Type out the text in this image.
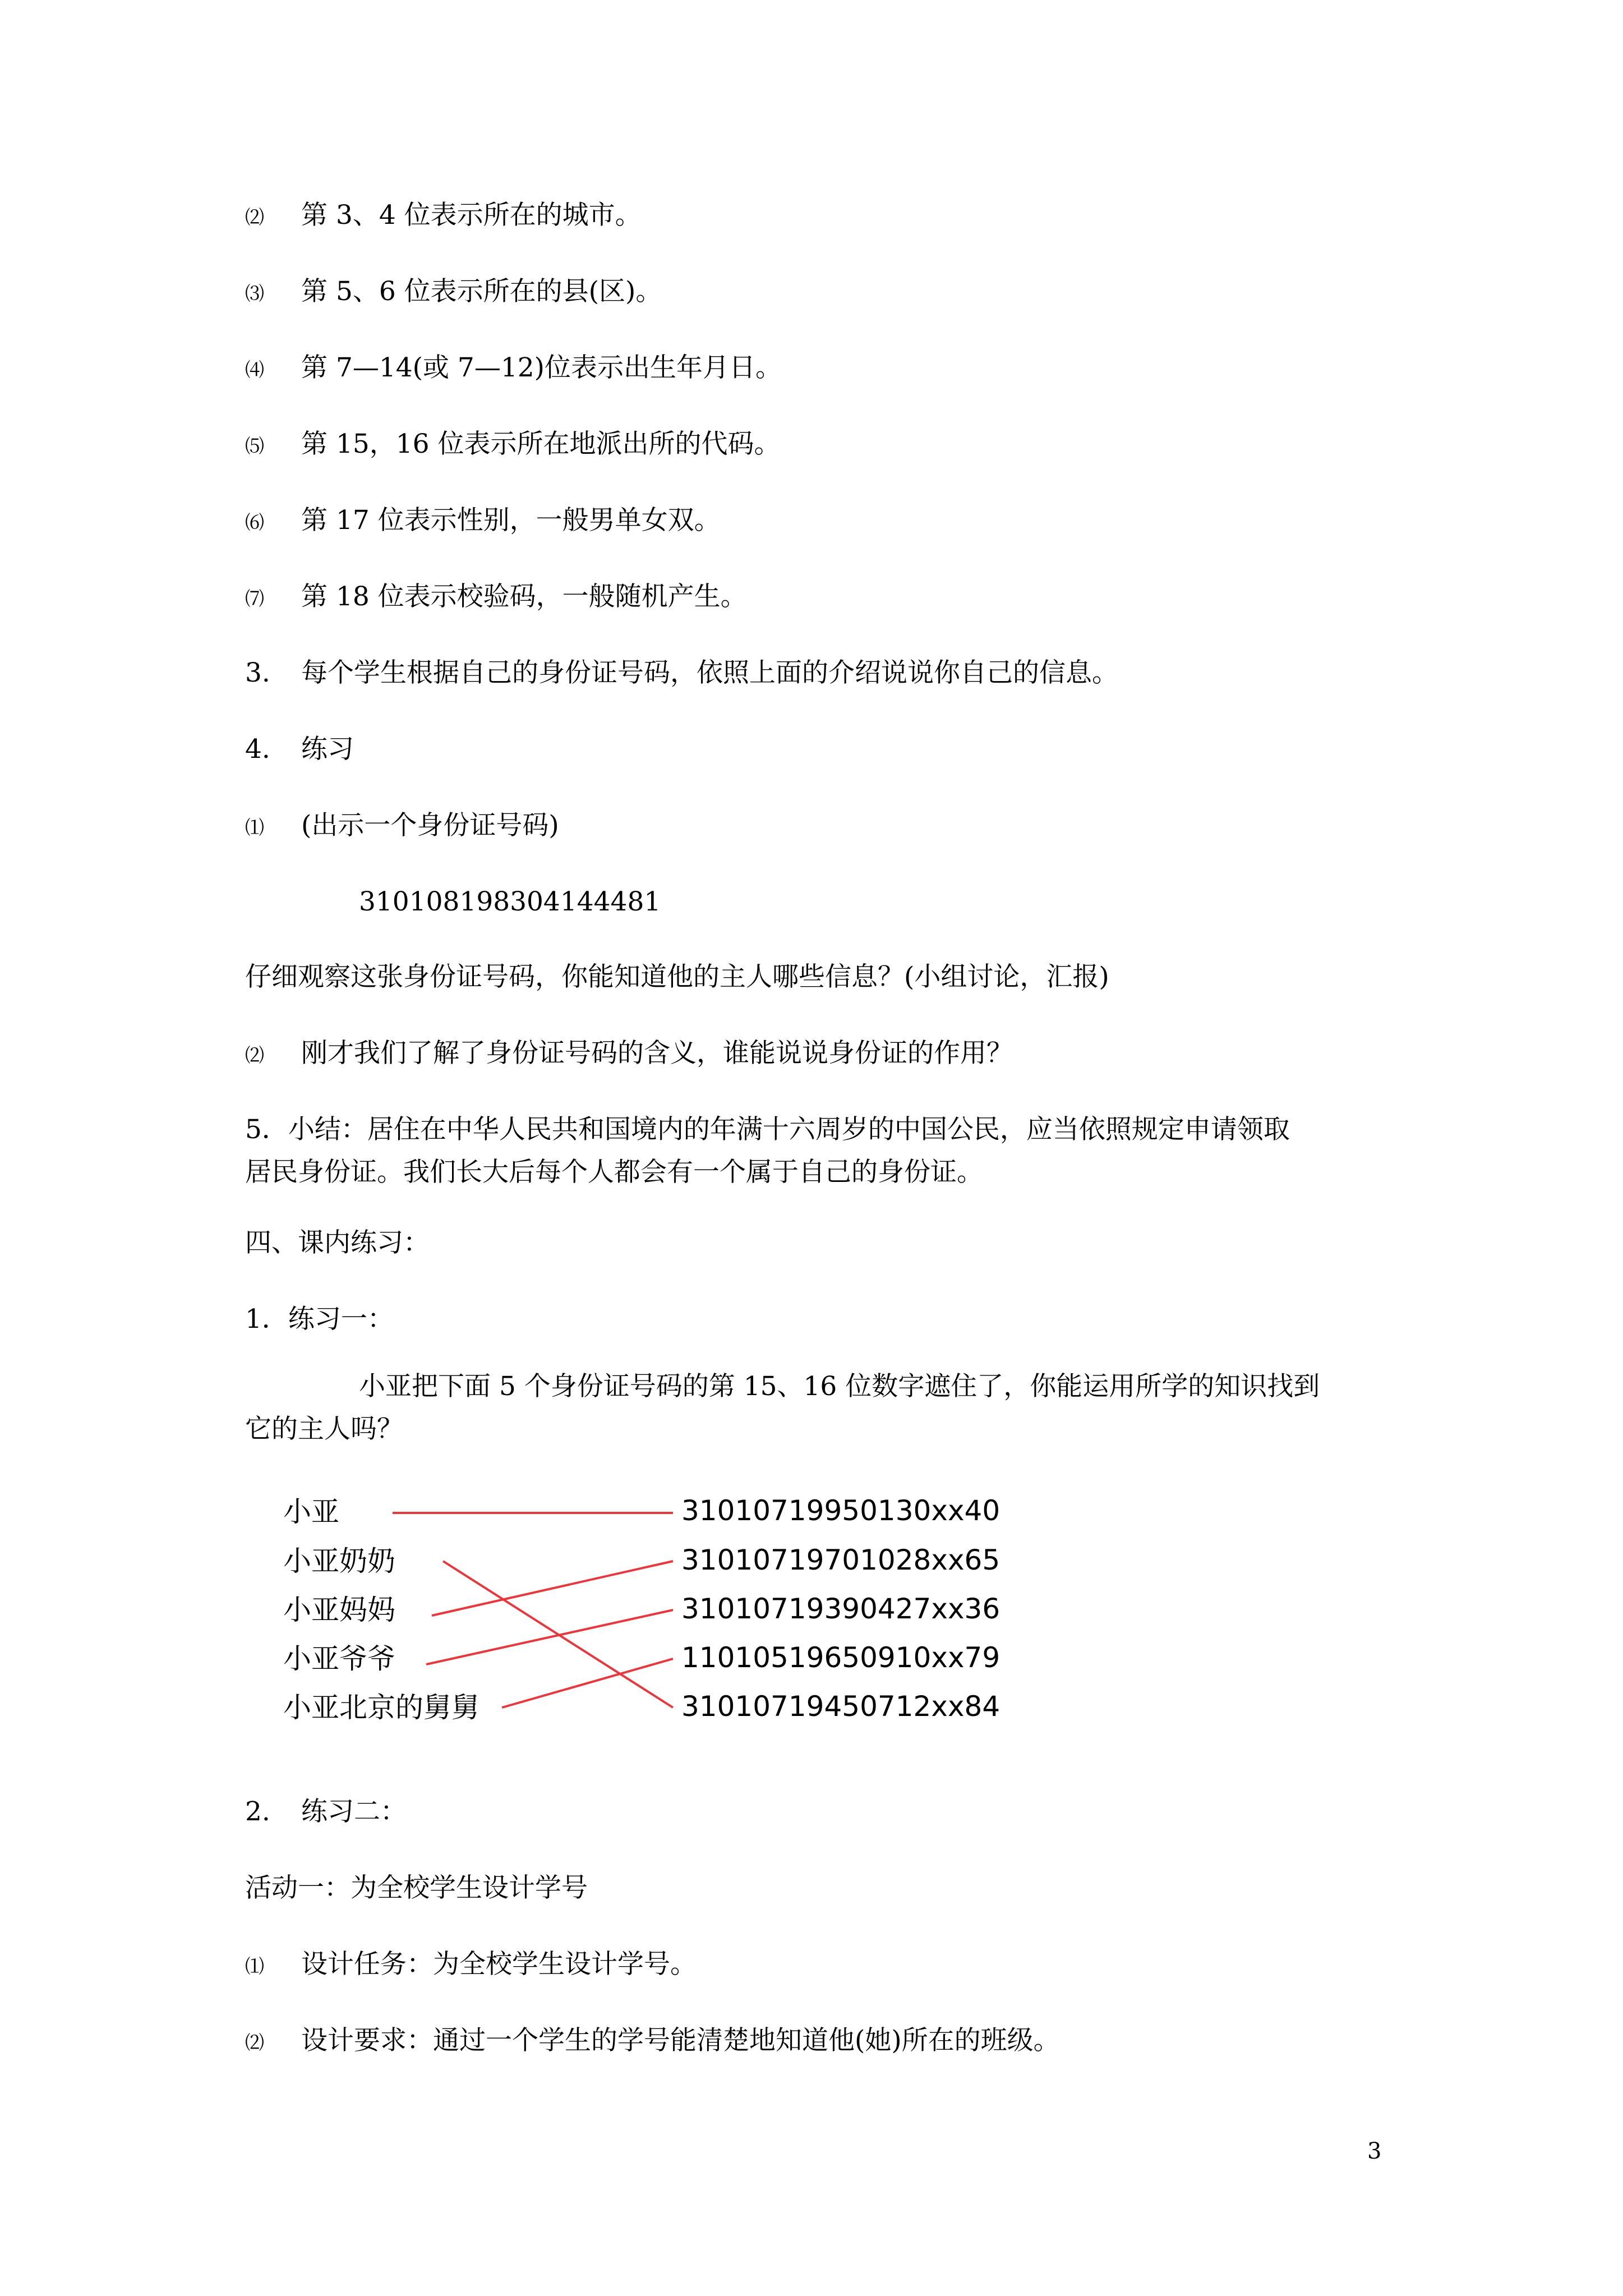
⑵ 第 3、4 位表示所在的城市。
⑶ 第 5、6 位表示所在的县(区)。
⑷ 第 7—14(或 7—12)位表示出生年月日。
⑸ 第 15，16 位表示所在地派出所的代码。
⑹ 第 17 位表示性别，一般男单女双。
⑺ 第 18 位表示校验码，一般随机产生。
3. 每个学生根据自己的身份证号码，依照上面的介绍说说你自己的信息。
4. 练习
⑴ (出示一个身份证号码)
310108198304144481
仔细观察这张身份证号码，你能知道他的主人哪些信息？(小组讨论，汇报)
⑵ 刚才我们了解了身份证号码的含义，谁能说说身份证的作用？
5．小结：居住在中华人民共和国境内的年满十六周岁的中国公民，应当依照规定申请领取
居民身份证。我们长大后每个人都会有一个属于自己的身份证。
四、课内练习：
1．练习一：
小亚把下面 5 个身份证号码的第 15、16 位数字遮住了，你能运用所学的知识找到
它的主人吗？
小亚
小亚奶奶
小亚妈妈
小亚爷爷
小亚北京的舅舅
31010719950130xx40
31010719701028xx65
31010719390427xx36
11010519650910xx79
31010719450712xx84
2. 练习二：
活动一：为全校学生设计学号
⑴ 设计任务：为全校学生设计学号。
⑵ 设计要求：通过一个学生的学号能清楚地知道他(她)所在的班级。
3
